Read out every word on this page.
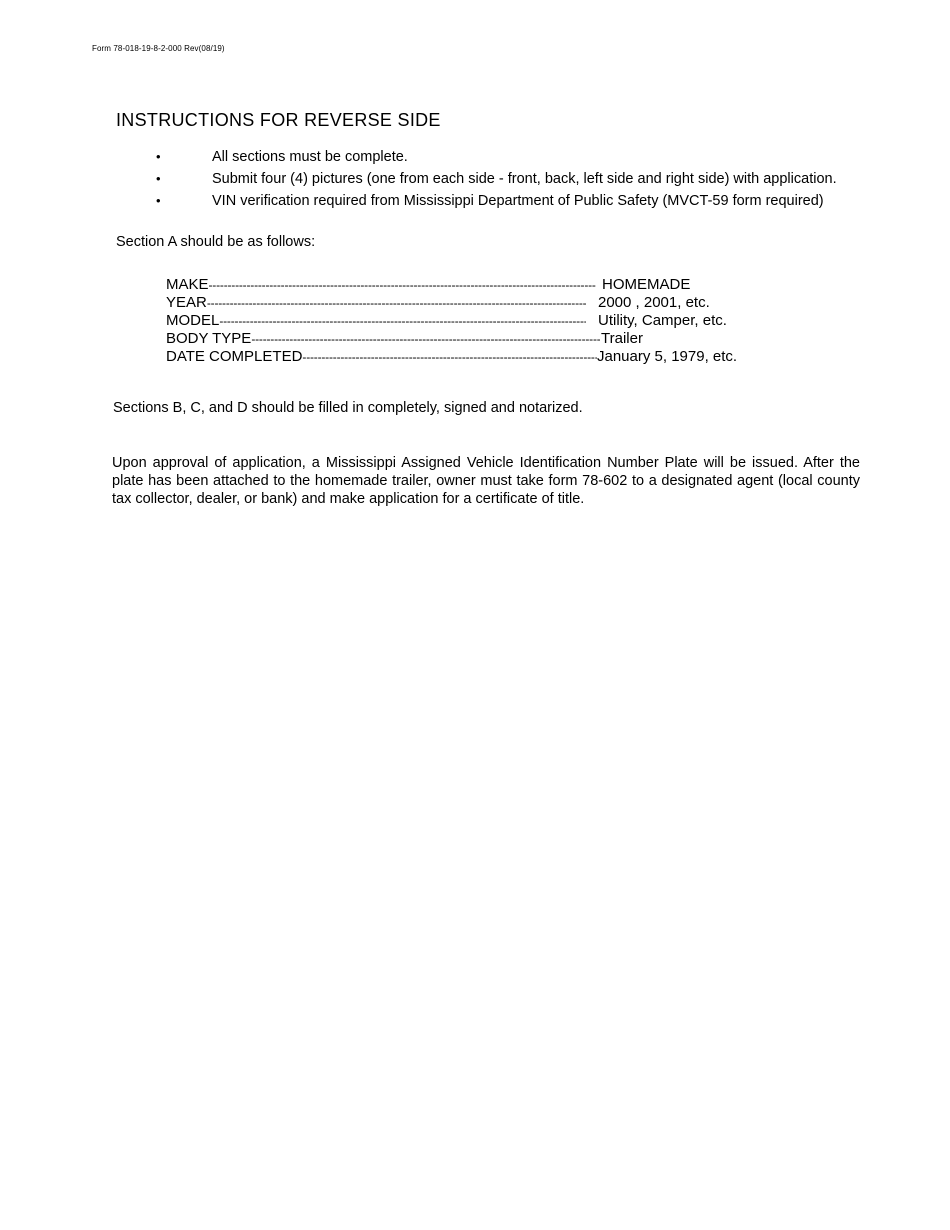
Form 78-018-19-8-2-000 Rev(08/19)
INSTRUCTIONS FOR REVERSE SIDE
•	All sections must be complete.
•	Submit four (4) pictures (one from each side - front, back, left side and right side) with application.
•	VIN verification required from Mississippi Department of Public Safety (MVCT-59 form required)
Section A should be as follows:
MAKE -----	HOMEMADE
YEAR -----	2000 , 2001, etc.
MODEL -----	Utility, Camper, etc.
BODY TYPE -----	Trailer
DATE COMPLETED -----	January 5, 1979, etc.
Sections B, C, and D should be filled in completely, signed and notarized.
Upon approval of application, a Mississippi Assigned Vehicle Identification Number Plate will be issued. After the plate has been attached to the homemade trailer, owner must take form 78-602 to a designated agent (local county tax collector, dealer, or bank) and make application for a certificate of title.
